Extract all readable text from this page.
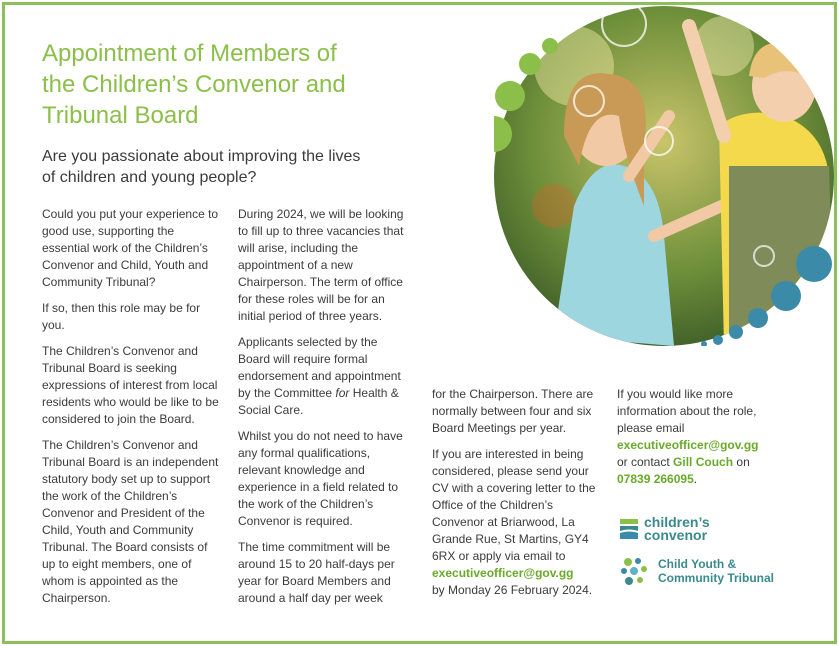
Appointment of Members of the Children’s Convenor and Tribunal Board
Are you passionate about improving the lives of children and young people?

Could you put your experience to good use, supporting the essential work of the Children’s Convenor and Child, Youth and Community Tribunal?

If so, then this role may be for you.

The Children’s Convenor and Tribunal Board is seeking expressions of interest from local residents who would be like to be considered to join the Board.

The Children’s Convenor and Tribunal Board is an independent statutory body set up to support the work of the Children’s Convenor and President of the Child, Youth and Community Tribunal. The Board consists of up to eight members, one of whom is appointed as the Chairperson.

During 2024, we will be looking to fill up to three vacancies that will arise, including the appointment of a new Chairperson. The term of office for these roles will be for an initial period of three years.

Applicants selected by the Board will require formal endorsement and appointment by the Committee for Health & Social Care.

Whilst you do not need to have any formal qualifications, relevant knowledge and experience in a field related to the work of the Children’s Convenor is required.

The time commitment will be around 15 to 20 half-days per year for Board Members and around a half day per week

for the Chairperson. There are normally between four and six Board Meetings per year.

If you are interested in being considered, please send your CV with a covering letter to the Office of the Children’s Convenor at Briarwood, La Grande Rue, St Martins, GY4 6RX or apply via email to
executiveofficer@gov.gg
by Monday 26 February 2024.

If you would like more information about the role, please email
executiveofficer@gov.gg
or contact Gill Couch on
07839 266095.

children’s
convenor
Child Youth &
Community Tribunal
